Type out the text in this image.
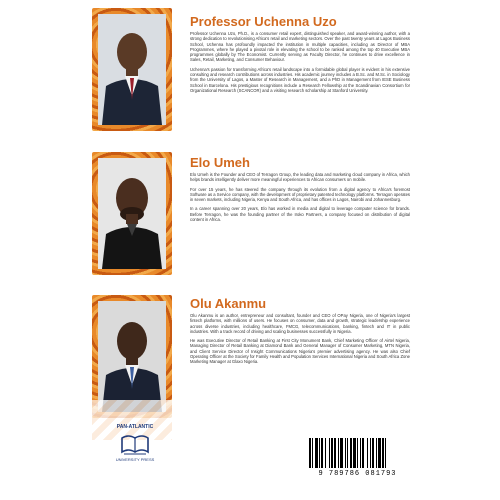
Professor Uchenna Uzo

Professor Uchenna Uzo, Ph.D., is a consumer retail expert, distinguished speaker, and award-winning author, with a strong dedication to revolutionising Africa's retail and marketing sectors. Over the past twenty years at Lagos Business School, Uchenna has profoundly impacted the institution in multiple capacities, including as Director of MBA Programmes, where he played a pivotal role in elevating the school to be ranked among the top 40 Executive MBA programmes globally by The Economist. Currently serving as Faculty Director, he continues to drive excellence in Sales, Retail, Marketing, and Consumer Behaviour.

Uchenna's passion for transforming Africa's retail landscape into a formidable global player is evident in his extensive consulting and research contributions across industries. His academic journey includes a B.Sc. and M.Sc. in Sociology from the University of Lagos, a Master of Research in Management, and a PhD in Management from IESE Business School in Barcelona. His prestigious recognitions include a Research Fellowship at the Scandinavian Consortium for Organizational Research (SCANCOR) and a visiting research scholarship at Stanford University.

Elo Umeh

Elo Umeh is the Founder and CEO of Terragon Group, the leading data and marketing cloud company in Africa, which helps brands intelligently deliver more meaningful experiences to African consumers on mobile.

For over 15 years, he has steered the company through its evolution from a digital agency to Africa's foremost Software as a Service company, with the development of proprietary patented technology platforms. Terragon operates in seven markets, including Nigeria, Kenya and South Africa, and has offices in Lagos, Nairobi and Johannesburg.

In a career spanning over 20 years, Elo has worked in media and digital to leverage computer science for brands. Before Terragon, he was the founding partner of the Iroko Partners, a company focused on distribution of digital content in Africa.

Olu Akanmu

Olu Akanmu is an author, entrepreneur and consultant, founder and CEO of OPay Nigeria, one of Nigeria's largest fintech platforms, with millions of users. He focuses on consumer, data and growth, strategic leadership experience across diverse industries, including healthcare, FMCG, telecommunications, banking, fintech and IT in public industries. With a track record of driving and scaling businesses successfully in Nigeria.

He was Executive Director of Retail Banking at First City Monument Bank, Chief Marketing Officer of Airtel Nigeria, Managing Director of Retail Banking at Diamond Bank and General Manager of Consumer Marketing, MTN Nigeria, and Client Service Director of Insight Communications Nigeria's premier advertising agency. He was also Chief Operating Officer at the Society for Family Health and Population Services International Nigeria and South Africa Zone Marketing Manager at Glaxo Nigeria.

PAN-ATLANTIC
UNIVERSITY PRESS
9 789786 081793
